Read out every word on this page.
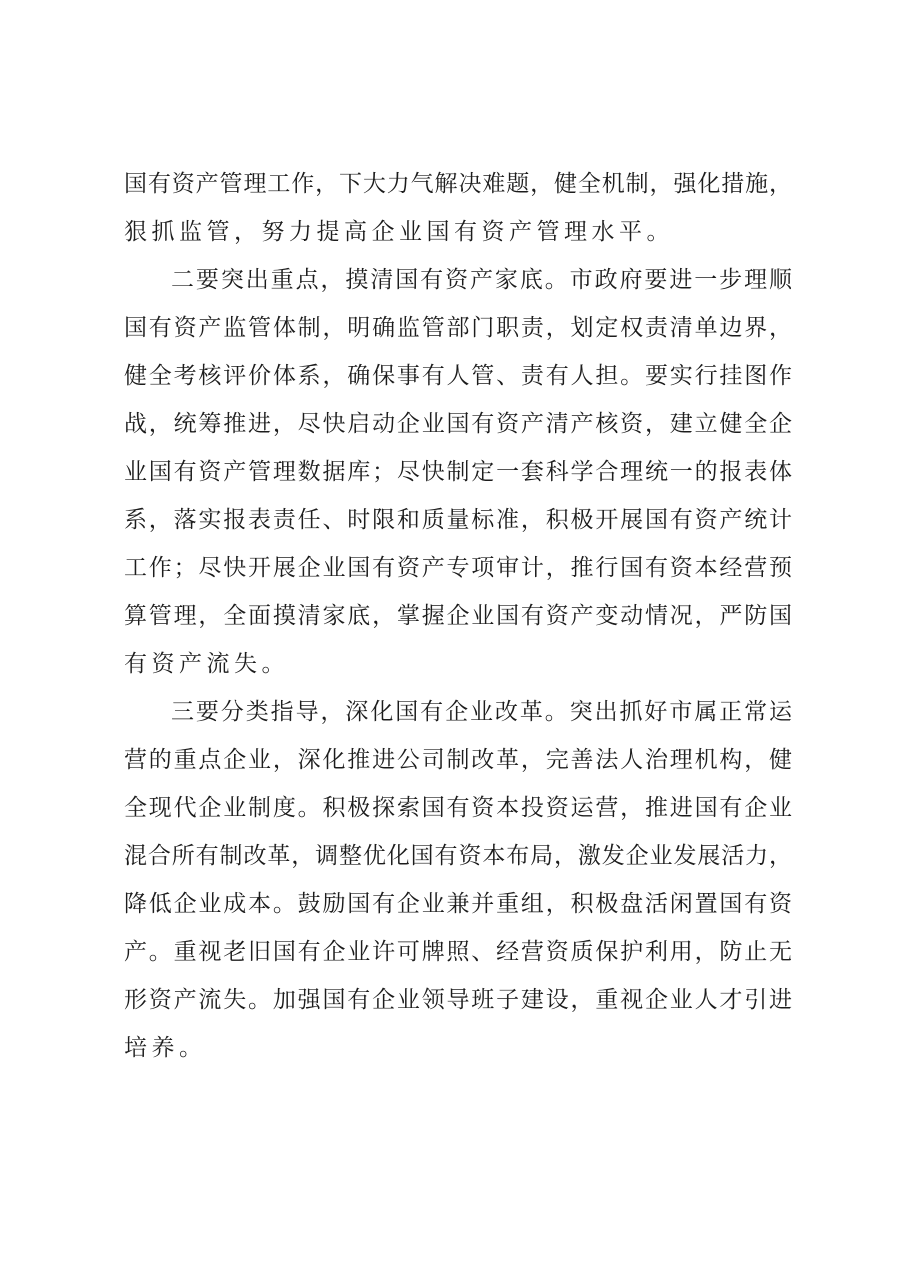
国有资产管理工作，下大力气解决难题，健全机制，强化措施，

狠抓监管，努力提高企业国有资产管理水平。

二要突出重点，摸清国有资产家底。市政府要进一步理顺

国有资产监管体制，明确监管部门职责，划定权责清单边界，

健全考核评价体系，确保事有人管、责有人担。要实行挂图作

战，统筹推进，尽快启动企业国有资产清产核资，建立健全企

业国有资产管理数据库；尽快制定一套科学合理统一的报表体

系，落实报表责任、时限和质量标准，积极开展国有资产统计

工作；尽快开展企业国有资产专项审计，推行国有资本经营预

算管理，全面摸清家底，掌握企业国有资产变动情况，严防国

有资产流失。

三要分类指导，深化国有企业改革。突出抓好市属正常运

营的重点企业，深化推进公司制改革，完善法人治理机构，健

全现代企业制度。积极探索国有资本投资运营，推进国有企业

混合所有制改革，调整优化国有资本布局，激发企业发展活力，

降低企业成本。鼓励国有企业兼并重组，积极盘活闲置国有资

产。重视老旧国有企业许可牌照、经营资质保护利用，防止无

形资产流失。加强国有企业领导班子建设，重视企业人才引进

培养。
